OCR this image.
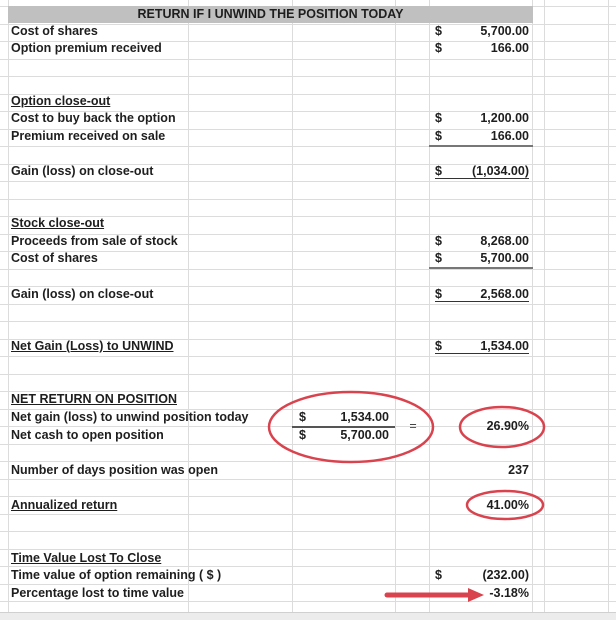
RETURN IF I UNWIND THE POSITION TODAY
Cost of shares	$	5,700.00
Option premium received	$	166.00
Option close-out
Cost to buy back the option	$	1,200.00
Premium received on sale	$	166.00
Gain (loss) on close-out	$ (1,034.00)
Stock close-out
Proceeds from sale of stock	$	8,268.00
Cost of shares	$	5,700.00
Gain (loss) on close-out	$	2,568.00
Net Gain (Loss) to UNWIND	$	1,534.00
NET RETURN ON POSITION
Net gain (loss) to unwind position today	$	1,534.00
Net cash to open position	$	5,700.00
=	26.90%
Number of days position was open	237
Annualized return	41.00%
Time Value Lost To Close
Time value of option remaining ( $ )	$	(232.00)
Percentage lost to time value	-3.18%
